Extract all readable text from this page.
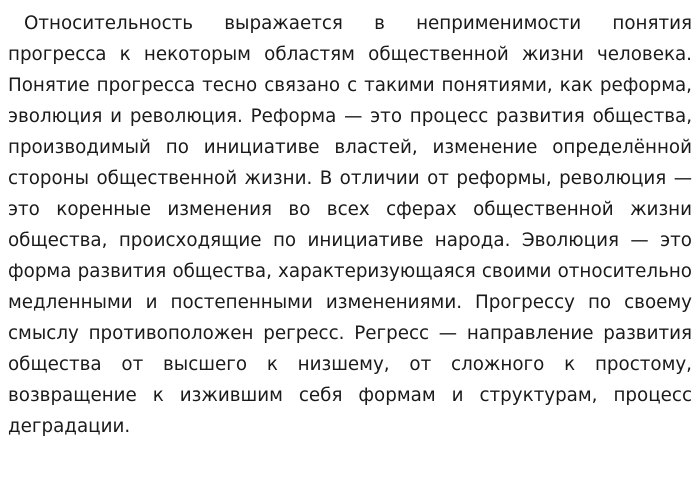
Относительность выражается в неприменимости понятия прогресса к некоторым областям общественной жизни человека. Понятие прогресса тесно связано с такими понятиями, как реформа, эволюция и революция. Реформа — это процесс развития общества, производимый по инициативе властей, изменение определённой стороны общественной жизни. В отличии от реформы, революция — это коренные изменения во всех сферах общественной жизни общества, происходящие по инициативе народа. Эволюция — это форма развития общества, характеризующаяся своими относительно медленными и постепенными изменениями. Прогрессу по своему смыслу противоположен регресс. Регресс — направление развития общества от высшего к низшему, от сложного к простому, возвращение к изжившим себя формам и структурам, процесс деградации.
